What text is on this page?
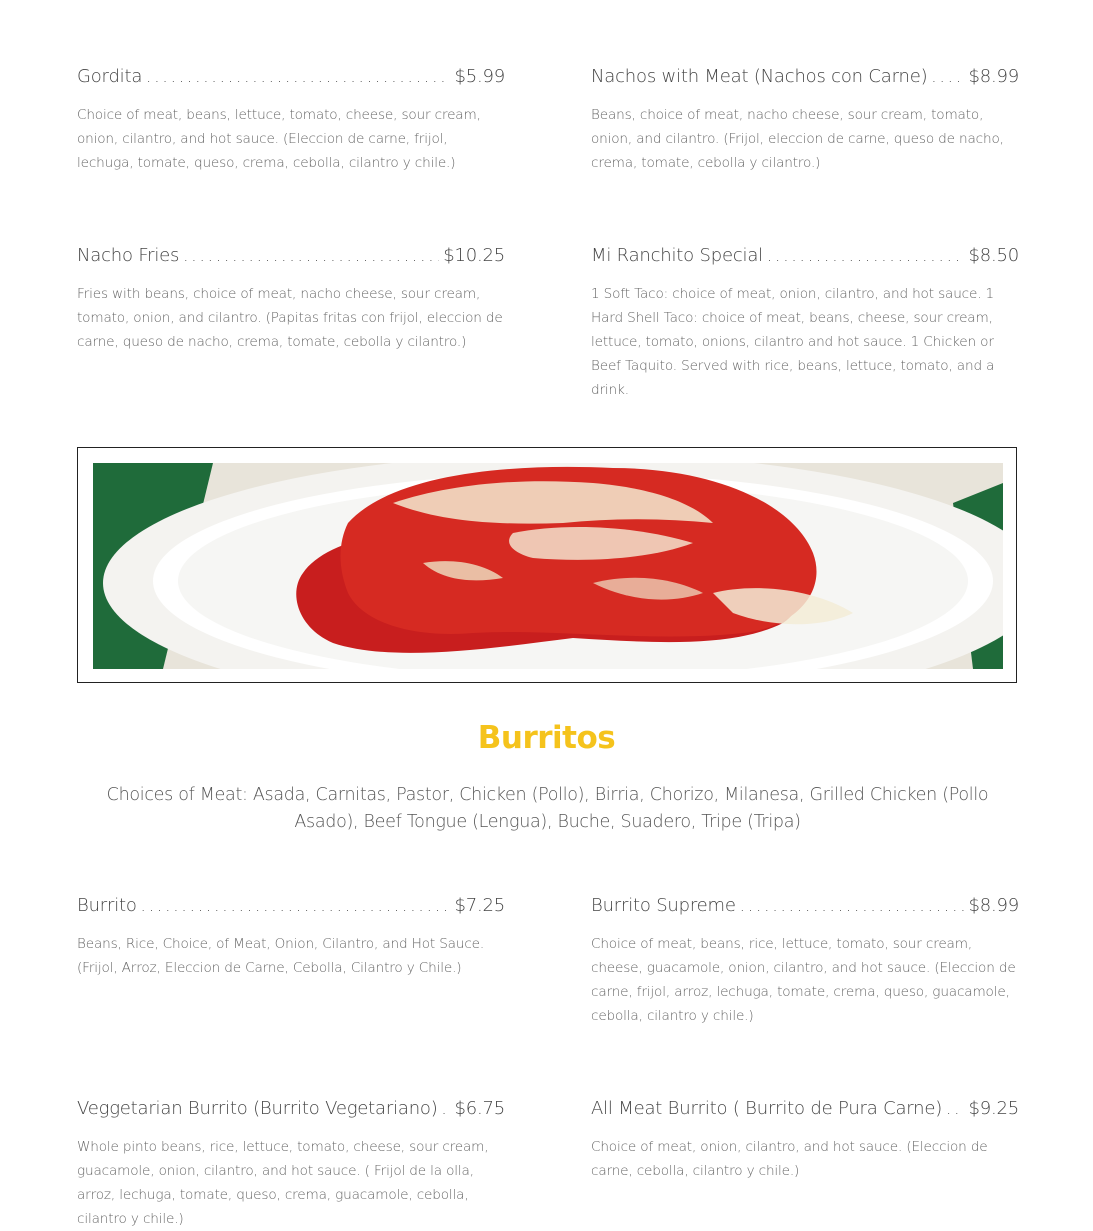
Gordita . . .	$5.99
Choice of meat, beans, lettuce, tomato, cheese, sour cream, onion, cilantro, and hot sauce. (Eleccion de carne, frijol, lechuga, tomate, queso, crema, cebolla, cilantro y chile.)
Nachos with Meat (Nachos con Carne) . . . $8.99
Beans, choice of meat, nacho cheese, sour cream, tomato, onion, and cilantro. (Frijol, eleccion de carne, queso de nacho, crema, tomate, cebolla y cilantro.)
Nacho Fries . . .	$10.25
Fries with beans, choice of meat, nacho cheese, sour cream, tomato, onion, and cilantro. (Papitas fritas con frijol, eleccion de carne, queso de nacho, crema, tomate, cebolla y cilantro.)
Mi Ranchito Special . . .	$8.50
1 Soft Taco: choice of meat, onion, cilantro, and hot sauce. 1 Hard Shell Taco: choice of meat, beans, cheese, sour cream, lettuce, tomato, onions, cilantro and hot sauce. 1 Chicken or Beef Taquito. Served with rice, beans, lettuce, tomato, and a drink.
Burritos
Choices of Meat: Asada, Carnitas, Pastor, Chicken (Pollo), Birria, Chorizo, Milanesa, Grilled Chicken (Pollo Asado), Beef Tongue (Lengua), Buche, Suadero, Tripe (Tripa)
Burrito . . .	$7.25
Beans, Rice, Choice, of Meat, Onion, Cilantro, and Hot Sauce. (Frijol, Arroz, Eleccion de Carne, Cebolla, Cilantro y Chile.)
Burrito Supreme . . .	$8.99
Choice of meat, beans, rice, lettuce, tomato, sour cream, cheese, guacamole, onion, cilantro, and hot sauce. (Eleccion de carne, frijol, arroz, lechuga, tomate, crema, queso, guacamole, cebolla, cilantro y chile.)
Veggetarian Burrito (Burrito Vegetariano) . . . $6.75
Whole pinto beans, rice, lettuce, tomato, cheese, sour cream, guacamole, onion, cilantro, and hot sauce. ( Frijol de la olla, arroz, lechuga, tomate, queso, crema, guacamole, cebolla, cilantro y chile.)
All Meat Burrito ( Burrito de Pura Carne) . . . $9.25
Choice of meat, onion, cilantro, and hot sauce. (Eleccion de carne, cebolla, cilantro y chile.)
